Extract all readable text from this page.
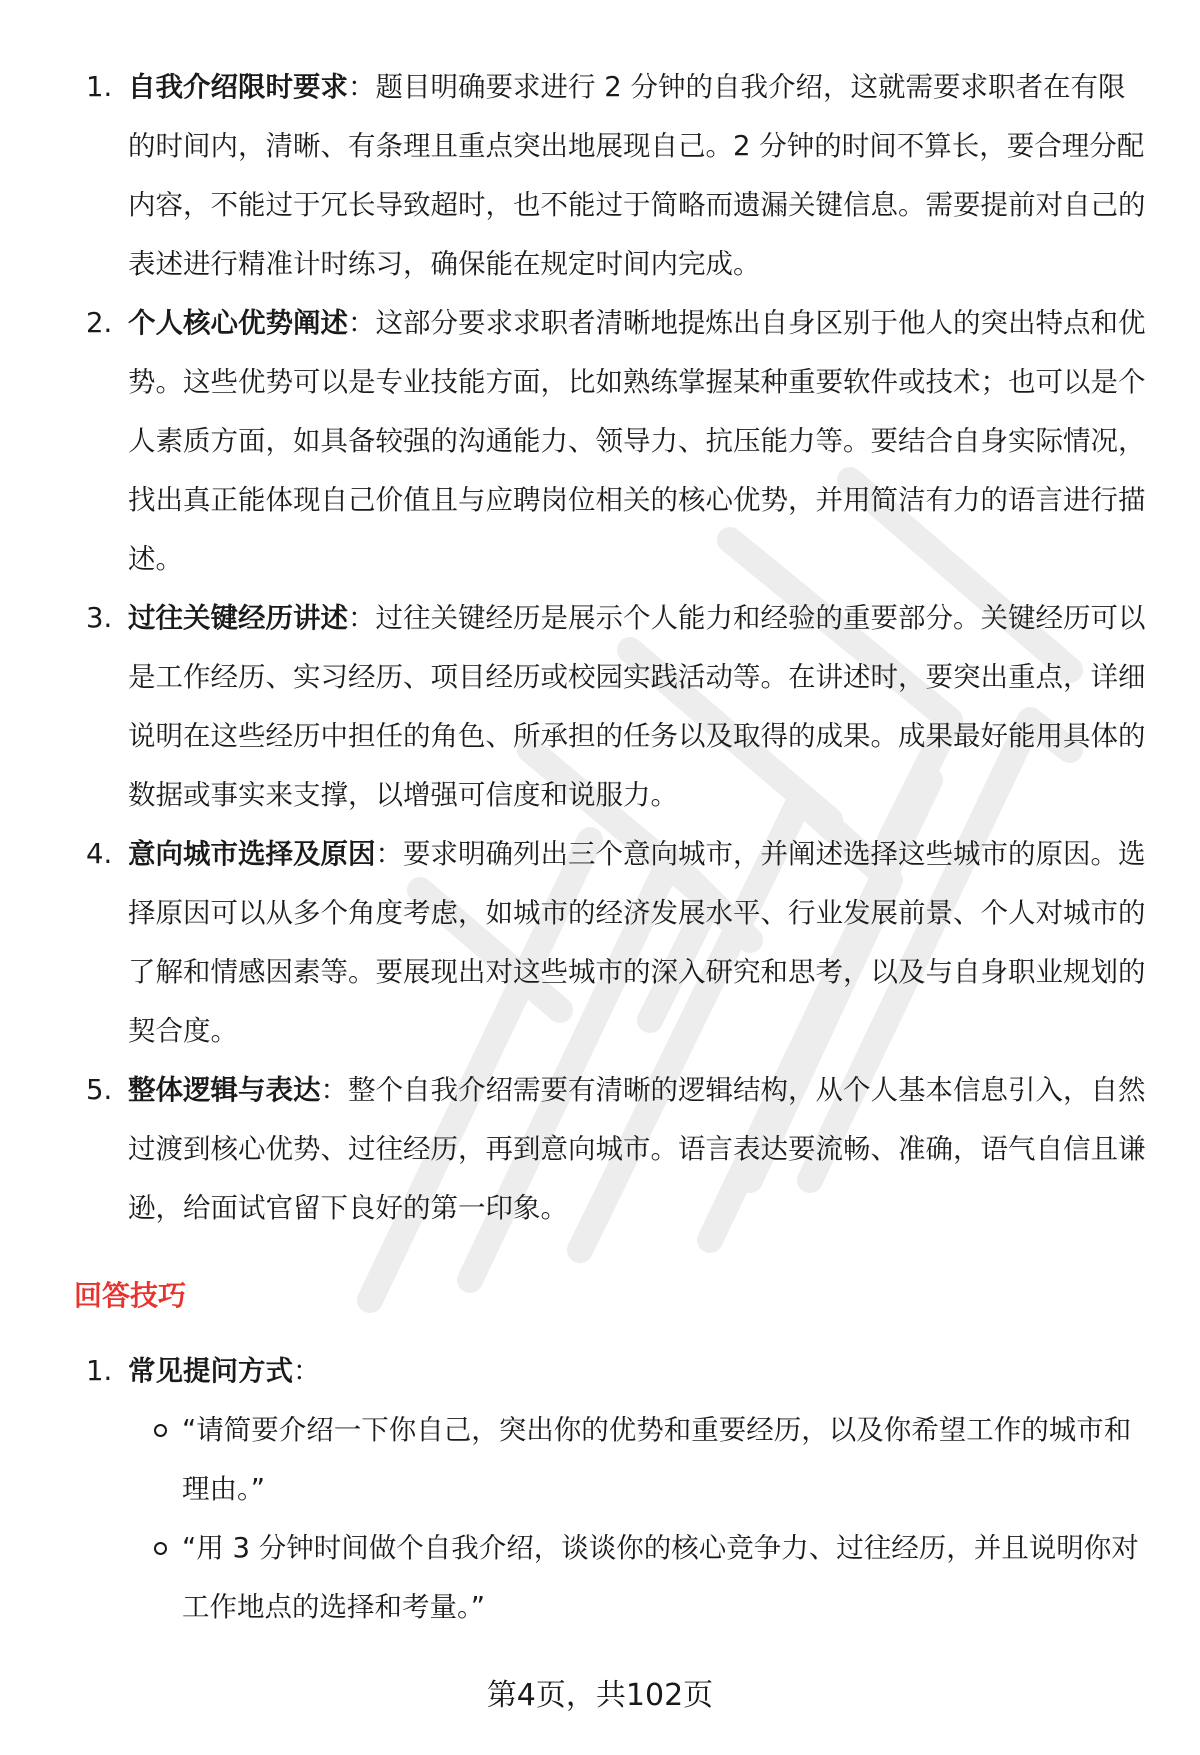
1. 自我介绍限时要求：题目明确要求进行 2 分钟的自我介绍，这就需要求职者在有限的时间内，清晰、有条理且重点突出地展现自己。2 分钟的时间不算长，要合理分配内容，不能过于冗长导致超时，也不能过于简略而遗漏关键信息。需要提前对自己的表述进行精准计时练习，确保能在规定时间内完成。
2. 个人核心优势阐述：这部分要求求职者清晰地提炼出自身区别于他人的突出特点和优势。这些优势可以是专业技能方面，比如熟练掌握某种重要软件或技术；也可以是个人素质方面，如具备较强的沟通能力、领导力、抗压能力等。要结合自身实际情况，找出真正能体现自己价值且与应聘岗位相关的核心优势，并用简洁有力的语言进行描述。
3. 过往关键经历讲述：过往关键经历是展示个人能力和经验的重要部分。关键经历可以是工作经历、实习经历、项目经历或校园实践活动等。在讲述时，要突出重点，详细说明在这些经历中担任的角色、所承担的任务以及取得的成果。成果最好能用具体的数据或事实来支撑，以增强可信度和说服力。
4. 意向城市选择及原因：要求明确列出三个意向城市，并阐述选择这些城市的原因。选择原因可以从多个角度考虑，如城市的经济发展水平、行业发展前景、个人对城市的了解和情感因素等。要展现出对这些城市的深入研究和思考，以及与自身职业规划的契合度。
5. 整体逻辑与表达：整个自我介绍需要有清晰的逻辑结构，从个人基本信息引入，自然过渡到核心优势、过往经历，再到意向城市。语言表达要流畅、准确，语气自信且谦逊，给面试官留下良好的第一印象。
回答技巧
1. 常见提问方式：
“请简要介绍一下你自己，突出你的优势和重要经历，以及你希望工作的城市和理由。”
“用 3 分钟时间做个自我介绍，谈谈你的核心竞争力、过往经历，并且说明你对工作地点的选择和考量。”
第4页，共102页
